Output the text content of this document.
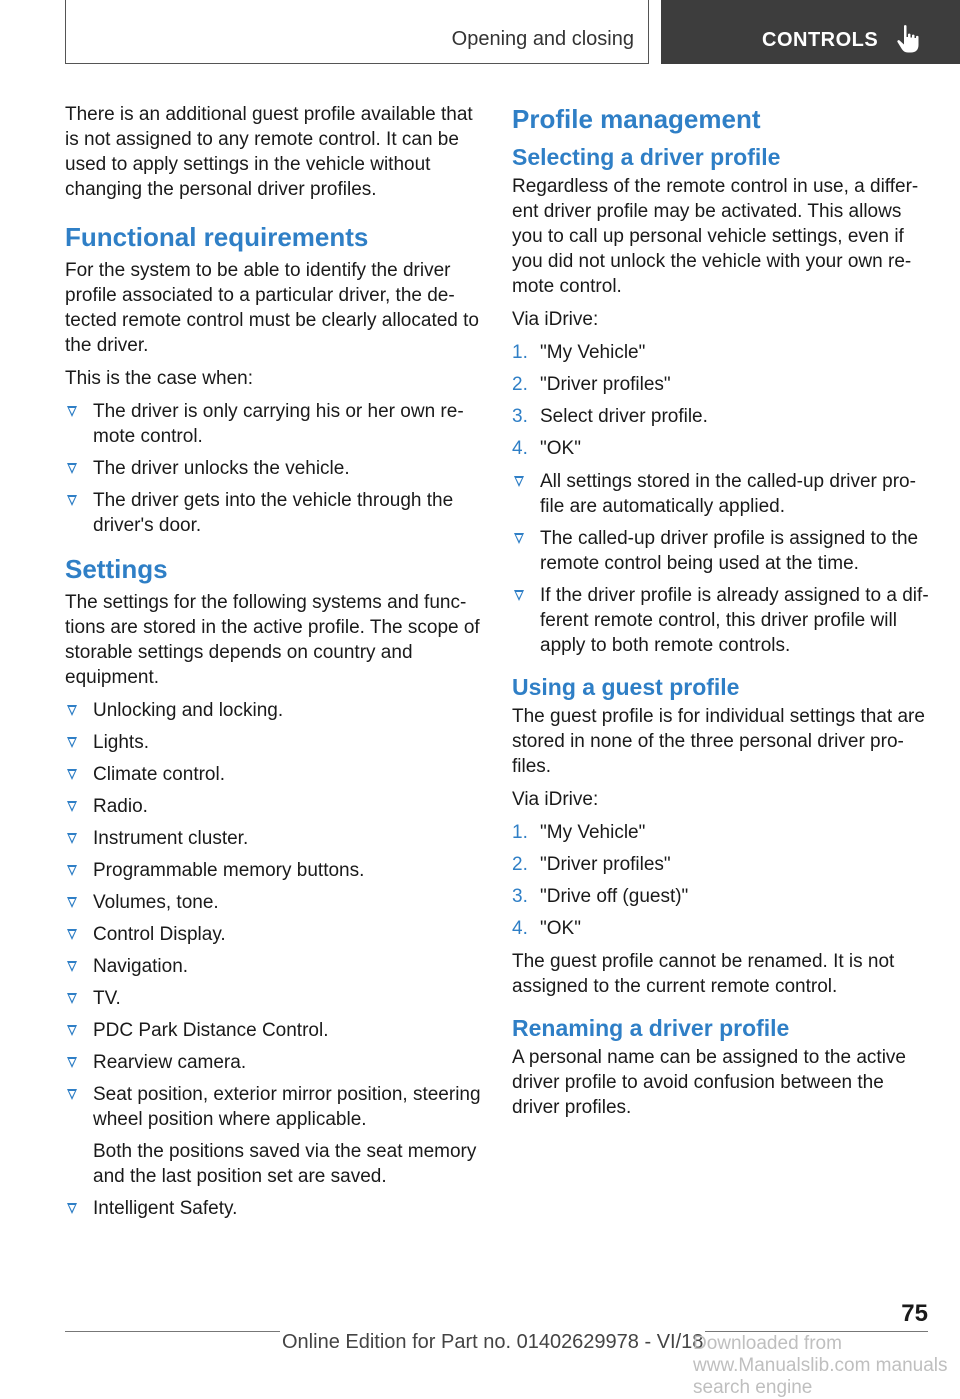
Opening and closing	CONTROLS

There is an additional guest profile available that is not assigned to any remote control. It can be used to apply settings in the vehicle without changing the personal driver profiles.

Functional requirements

For the system to be able to identify the driver profile associated to a particular driver, the detected remote control must be clearly allocated to the driver.

This is the case when:

The driver is only carrying his or her own remote control.
The driver unlocks the vehicle.
The driver gets into the vehicle through the driver's door.
Settings

The settings for the following systems and functions are stored in the active profile. The scope of storable settings depends on country and equipment.

Unlocking and locking.
Lights.
Climate control.
Radio.
Instrument cluster.
Programmable memory buttons.
Volumes, tone.
Control Display.
Navigation.
TV.
PDC Park Distance Control.
Rearview camera.
Seat position, exterior mirror position, steering wheel position where applicable.
Both the positions saved via the seat memory and the last position set are saved.
Intelligent Safety.
Profile management
Selecting a driver profile

Regardless of the remote control in use, a different driver profile may be activated. This allows you to call up personal vehicle settings, even if you did not unlock the vehicle with your own remote control.

Via iDrive:

1. "My Vehicle"
2. "Driver profiles"
3. Select driver profile.
4. "OK"
All settings stored in the called-up driver profile are automatically applied.
The called-up driver profile is assigned to the remote control being used at the time.
If the driver profile is already assigned to a different remote control, this driver profile will apply to both remote controls.
Using a guest profile

The guest profile is for individual settings that are stored in none of the three personal driver profiles.

Via iDrive:

1. "My Vehicle"
2. "Driver profiles"
3. "Drive off (guest)"
4. "OK"

The guest profile cannot be renamed. It is not assigned to the current remote control.

Renaming a driver profile

A personal name can be assigned to the active driver profile to avoid confusion between the driver profiles.

75
Online Edition for Part no. 01402629978 - VI/18
Downloaded from www.Manualslib.com manuals search engine
